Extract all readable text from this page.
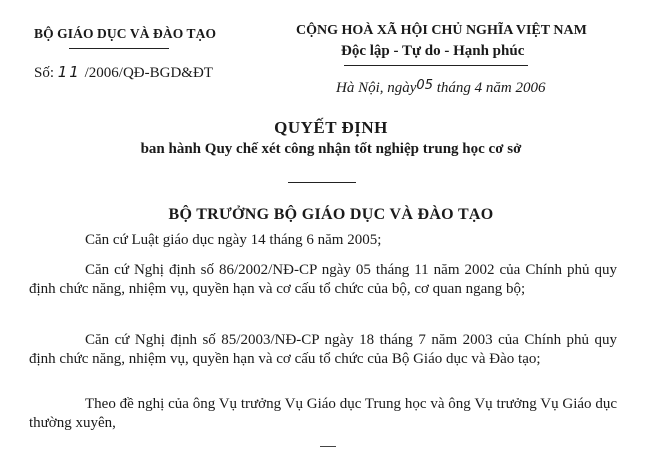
BỘ GIÁO DỤC VÀ ĐÀO TẠO
Số: 11 /2006/QĐ-BGD&ĐT
CỘNG HOÀ XÃ HỘI CHỦ NGHĨA VIỆT NAM
Độc lập - Tự do - Hạnh phúc
Hà Nội, ngày05 tháng 4 năm 2006
QUYẾT ĐỊNH
ban hành Quy chế xét công nhận tốt nghiệp trung học cơ sở
BỘ TRƯỞNG BỘ GIÁO DỤC VÀ ĐÀO TẠO
Căn cứ Luật giáo dục ngày 14 tháng 6 năm 2005;
Căn cứ Nghị định số 86/2002/NĐ-CP ngày 05 tháng 11 năm 2002 của Chính phủ quy định chức năng, nhiệm vụ, quyền hạn và cơ cấu tổ chức của bộ, cơ quan ngang bộ;
Căn cứ Nghị định số 85/2003/NĐ-CP ngày 18 tháng 7 năm 2003 của Chính phủ quy định chức năng, nhiệm vụ, quyền hạn và cơ cấu tổ chức của Bộ Giáo dục và Đào tạo;
Theo đề nghị của ông Vụ trưởng Vụ Giáo dục Trung học và ông Vụ trưởng Vụ Giáo dục thường xuyên,
